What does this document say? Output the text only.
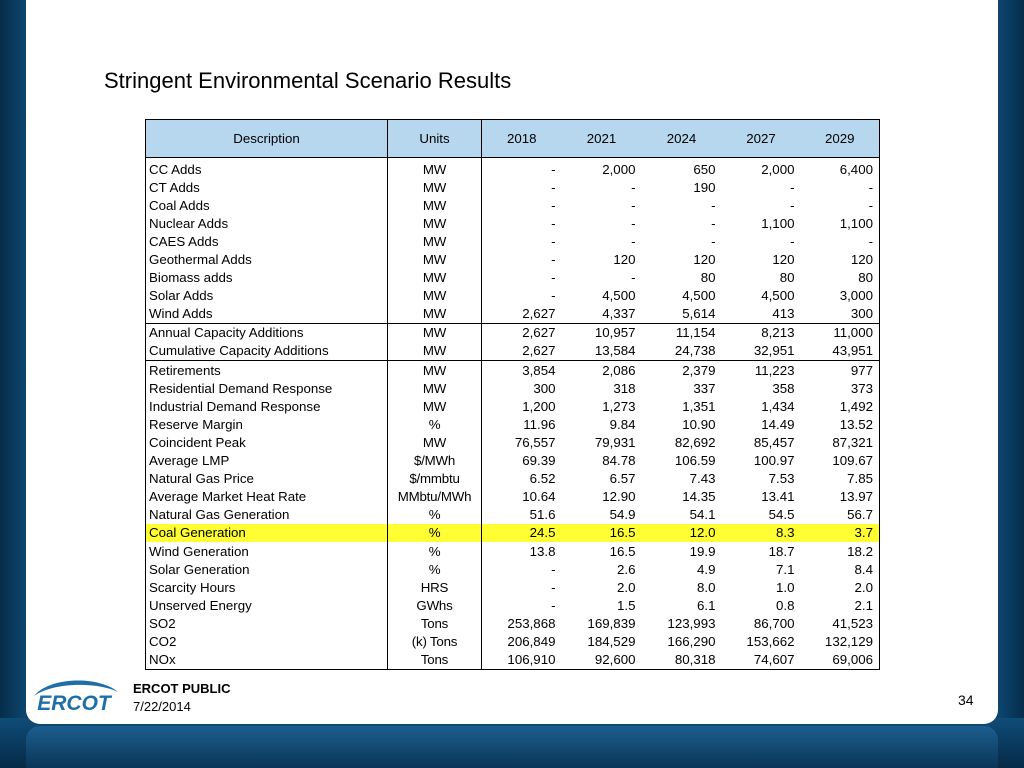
Stringent Environmental Scenario Results
Description	Units	2018	2021	2024	2027	2029
CC Adds	MW	-	2,000	650	2,000	6,400
CT Adds	MW	-	-	190	-	-
Coal Adds	MW	-	-	-	-	-
Nuclear Adds	MW	-	-	-	1,100	1,100
CAES Adds	MW	-	-	-	-	-
Geothermal Adds	MW	-	120	120	120	120
Biomass adds	MW	-	-	80	80	80
Solar Adds	MW	-	4,500	4,500	4,500	3,000
Wind Adds	MW	2,627	4,337	5,614	413	300
Annual Capacity Additions	MW	2,627	10,957	11,154	8,213	11,000
Cumulative Capacity Additions	MW	2,627	13,584	24,738	32,951	43,951
Retirements	MW	3,854	2,086	2,379	11,223	977
Residential Demand Response	MW	300	318	337	358	373
Industrial Demand Response	MW	1,200	1,273	1,351	1,434	1,492
Reserve Margin	%	11.96	9.84	10.90	14.49	13.52
Coincident Peak	MW	76,557	79,931	82,692	85,457	87,321
Average LMP	$/MWh	69.39	84.78	106.59	100.97	109.67
Natural Gas Price	$/mmbtu	6.52	6.57	7.43	7.53	7.85
Average Market Heat Rate	MMbtu/MWh	10.64	12.90	14.35	13.41	13.97
Natural Gas Generation	%	51.6	54.9	54.1	54.5	56.7
Coal Generation	%	24.5	16.5	12.0	8.3	3.7
Wind Generation	%	13.8	16.5	19.9	18.7	18.2
Solar Generation	%	-	2.6	4.9	7.1	8.4
Scarcity Hours	HRS	-	2.0	8.0	1.0	2.0
Unserved Energy	GWhs	-	1.5	6.1	0.8	2.1
SO2	Tons	253,868	169,839	123,993	86,700	41,523
CO2	(k) Tons	206,849	184,529	166,290	153,662	132,129
NOx	Tons	106,910	92,600	80,318	74,607	69,006
ERCOT
ERCOT PUBLIC
7/22/2014	34
